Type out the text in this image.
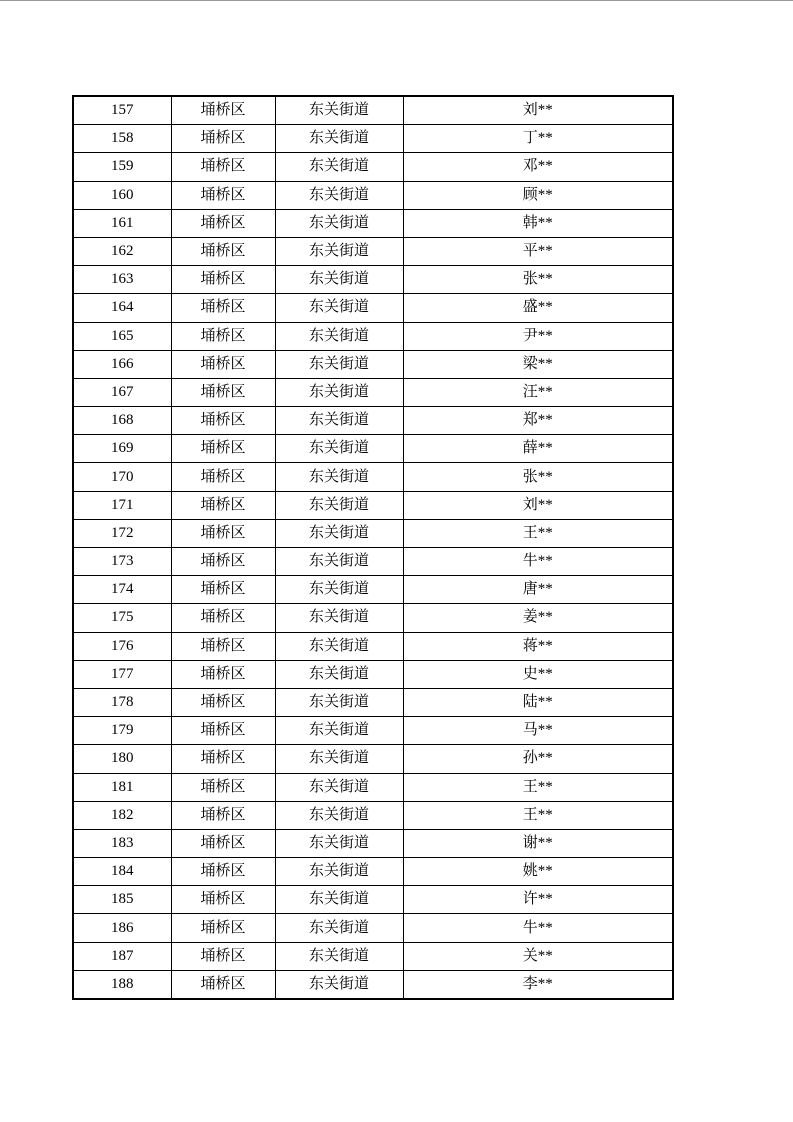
157	埇桥区	东关街道	刘**
158	埇桥区	东关街道	丁**
159	埇桥区	东关街道	邓**
160	埇桥区	东关街道	顾**
161	埇桥区	东关街道	韩**
162	埇桥区	东关街道	平**
163	埇桥区	东关街道	张**
164	埇桥区	东关街道	盛**
165	埇桥区	东关街道	尹**
166	埇桥区	东关街道	梁**
167	埇桥区	东关街道	汪**
168	埇桥区	东关街道	郑**
169	埇桥区	东关街道	薛**
170	埇桥区	东关街道	张**
171	埇桥区	东关街道	刘**
172	埇桥区	东关街道	王**
173	埇桥区	东关街道	牛**
174	埇桥区	东关街道	唐**
175	埇桥区	东关街道	姜**
176	埇桥区	东关街道	蒋**
177	埇桥区	东关街道	史**
178	埇桥区	东关街道	陆**
179	埇桥区	东关街道	马**
180	埇桥区	东关街道	孙**
181	埇桥区	东关街道	王**
182	埇桥区	东关街道	王**
183	埇桥区	东关街道	谢**
184	埇桥区	东关街道	姚**
185	埇桥区	东关街道	许**
186	埇桥区	东关街道	牛**
187	埇桥区	东关街道	关**
188	埇桥区	东关街道	李**
